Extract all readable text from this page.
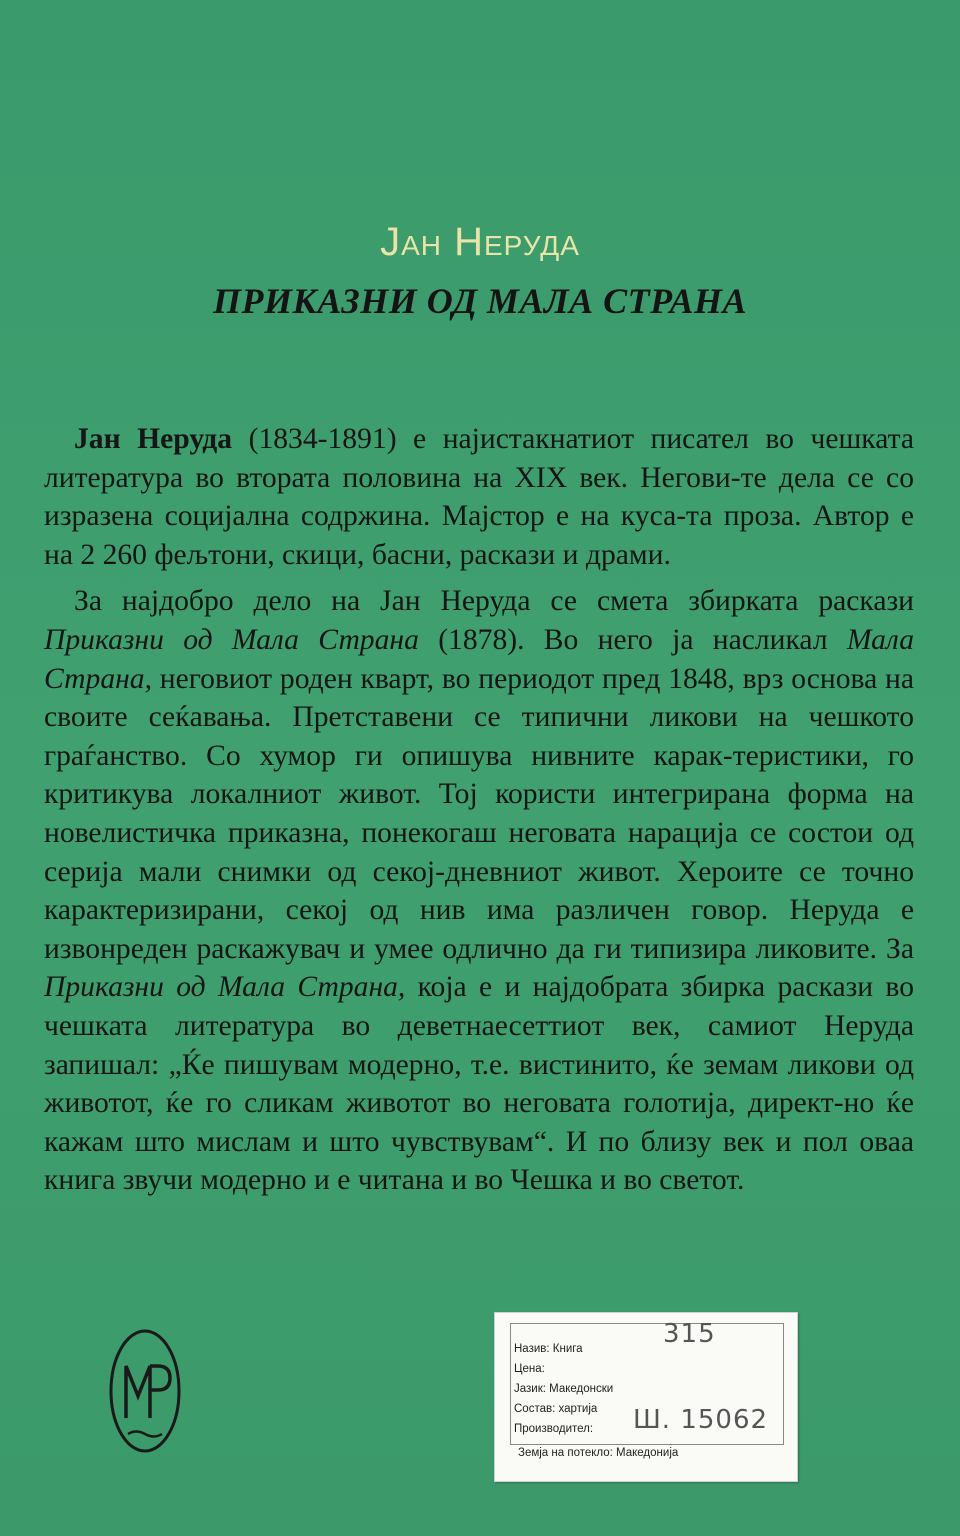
Јан Неруда
ПРИКАЗНИ ОД МАЛА СТРАНА

Јан Неруда (1834-1891) е најистакнатиот писател во чешката литература во втората половина на XIX век. Негови-те дела се со изразена социјална содржина. Мајстор е на куса-та проза. Автор е на 2 260 фељтони, скици, басни, раскази и драми.

За најдобро дело на Јан Неруда се смета збирката раскази Приказни од Мала Страна (1878). Во него ја насликал Мала Страна, неговиот роден кварт, во периодот пред 1848, врз основа на своите сеќавања. Претставени се типични ликови на чешкото граѓанство. Со хумор ги опишува нивните карак-теристики, го критикува локалниот живот. Тој користи интегрирана форма на новелистичка приказна, понекогаш неговата нарација се состои од серија мали снимки од секој-дневниот живот. Хероите се точно карактеризирани, секој од нив има различен говор. Неруда е извонреден раскажувач и умее одлично да ги типизира ликовите. За Приказни од Мала Страна, која е и најдобрата збирка раскази во чешката литература во деветнаесеттиот век, самиот Неруда запишал: „Ќе пишувам модерно, т.е. вистинито, ќе земам ликови од животот, ќе го сликам животот во неговата голотија, директ-но ќе кажам што мислам и што чувствувам“. И по близу век и пол оваа книга звучи модерно и е читана и во Чешка и во светот.

Назив: Книга
Цена:
Јазик: Македонски
Состав: хартија
Производител:
315
Ш. 15062
Земја на потекло: Македонија
